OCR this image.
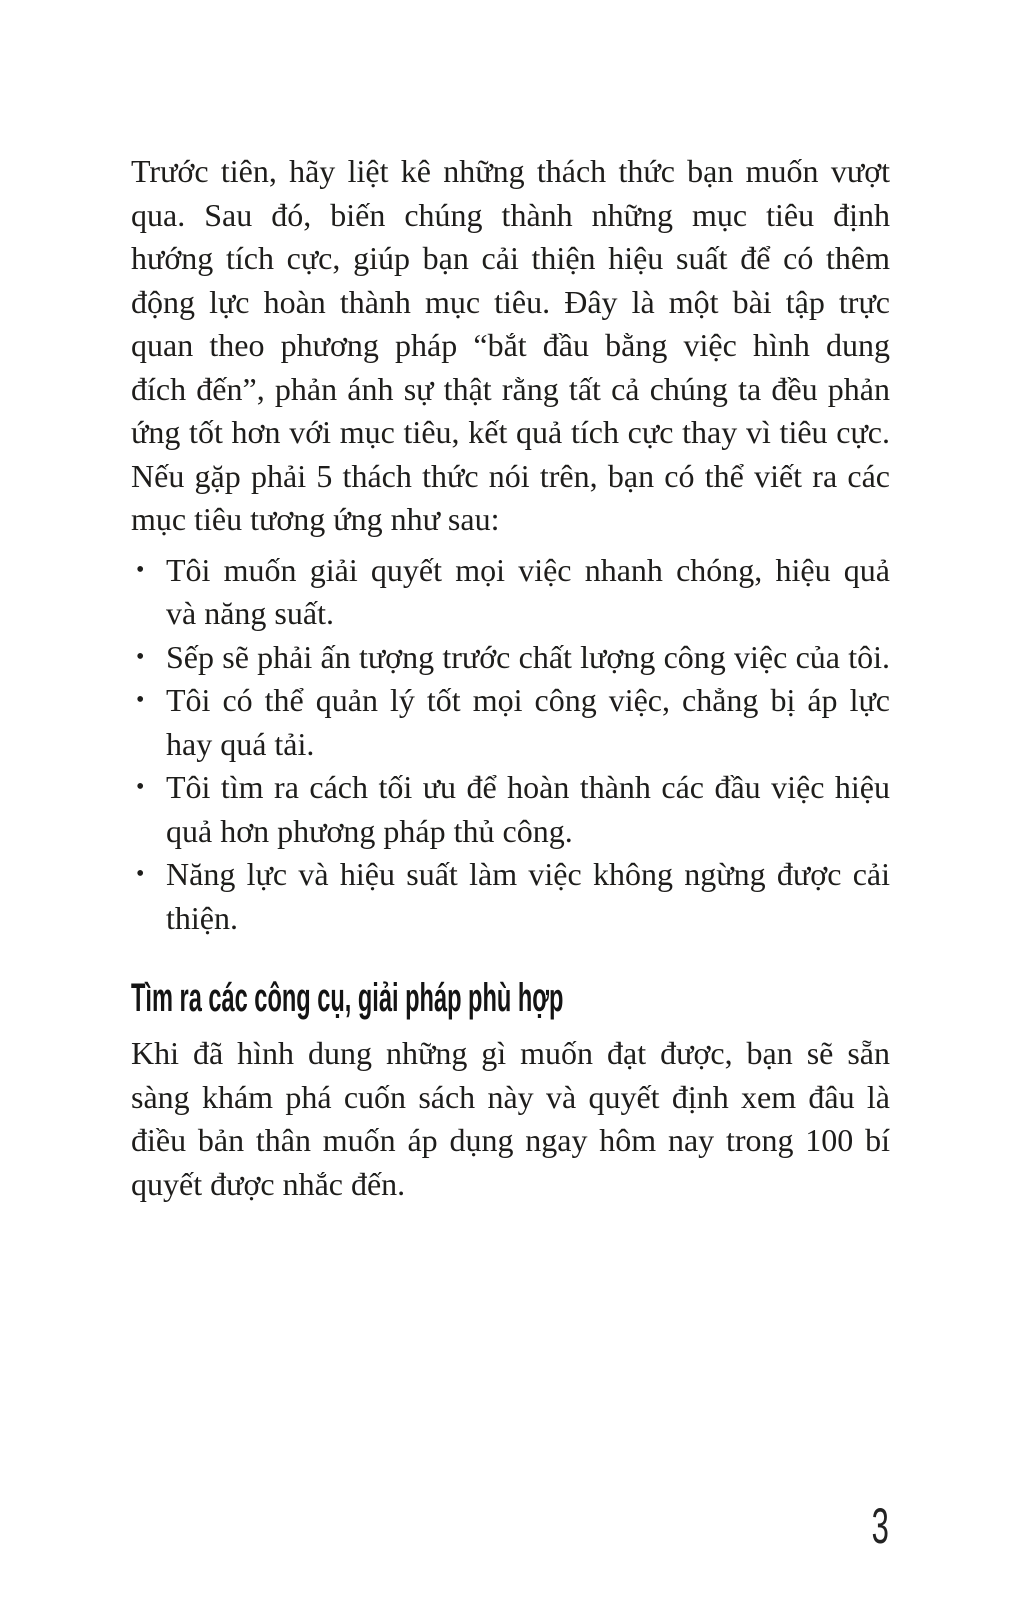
Trước tiên, hãy liệt kê những thách thức bạn muốn vượt
qua. Sau đó, biến chúng thành những mục tiêu định
hướng tích cực, giúp bạn cải thiện hiệu suất để có thêm
động lực hoàn thành mục tiêu. Đây là một bài tập trực
quan theo phương pháp “bắt đầu bằng việc hình dung
đích đến”, phản ánh sự thật rằng tất cả chúng ta đều phản
ứng tốt hơn với mục tiêu, kết quả tích cực thay vì tiêu cực.
Nếu gặp phải 5 thách thức nói trên, bạn có thể viết ra các
mục tiêu tương ứng như sau:
• Tôi muốn giải quyết mọi việc nhanh chóng, hiệu quả
và năng suất.
• Sếp sẽ phải ấn tượng trước chất lượng công việc của tôi.
• Tôi có thể quản lý tốt mọi công việc, chẳng bị áp lực
hay quá tải.
• Tôi tìm ra cách tối ưu để hoàn thành các đầu việc hiệu
quả hơn phương pháp thủ công.
• Năng lực và hiệu suất làm việc không ngừng được cải
thiện.
Tìm ra các công cụ, giải pháp phù hợp
Khi đã hình dung những gì muốn đạt được, bạn sẽ sẵn
sàng khám phá cuốn sách này và quyết định xem đâu là
điều bản thân muốn áp dụng ngay hôm nay trong 100 bí
quyết được nhắc đến.
3
